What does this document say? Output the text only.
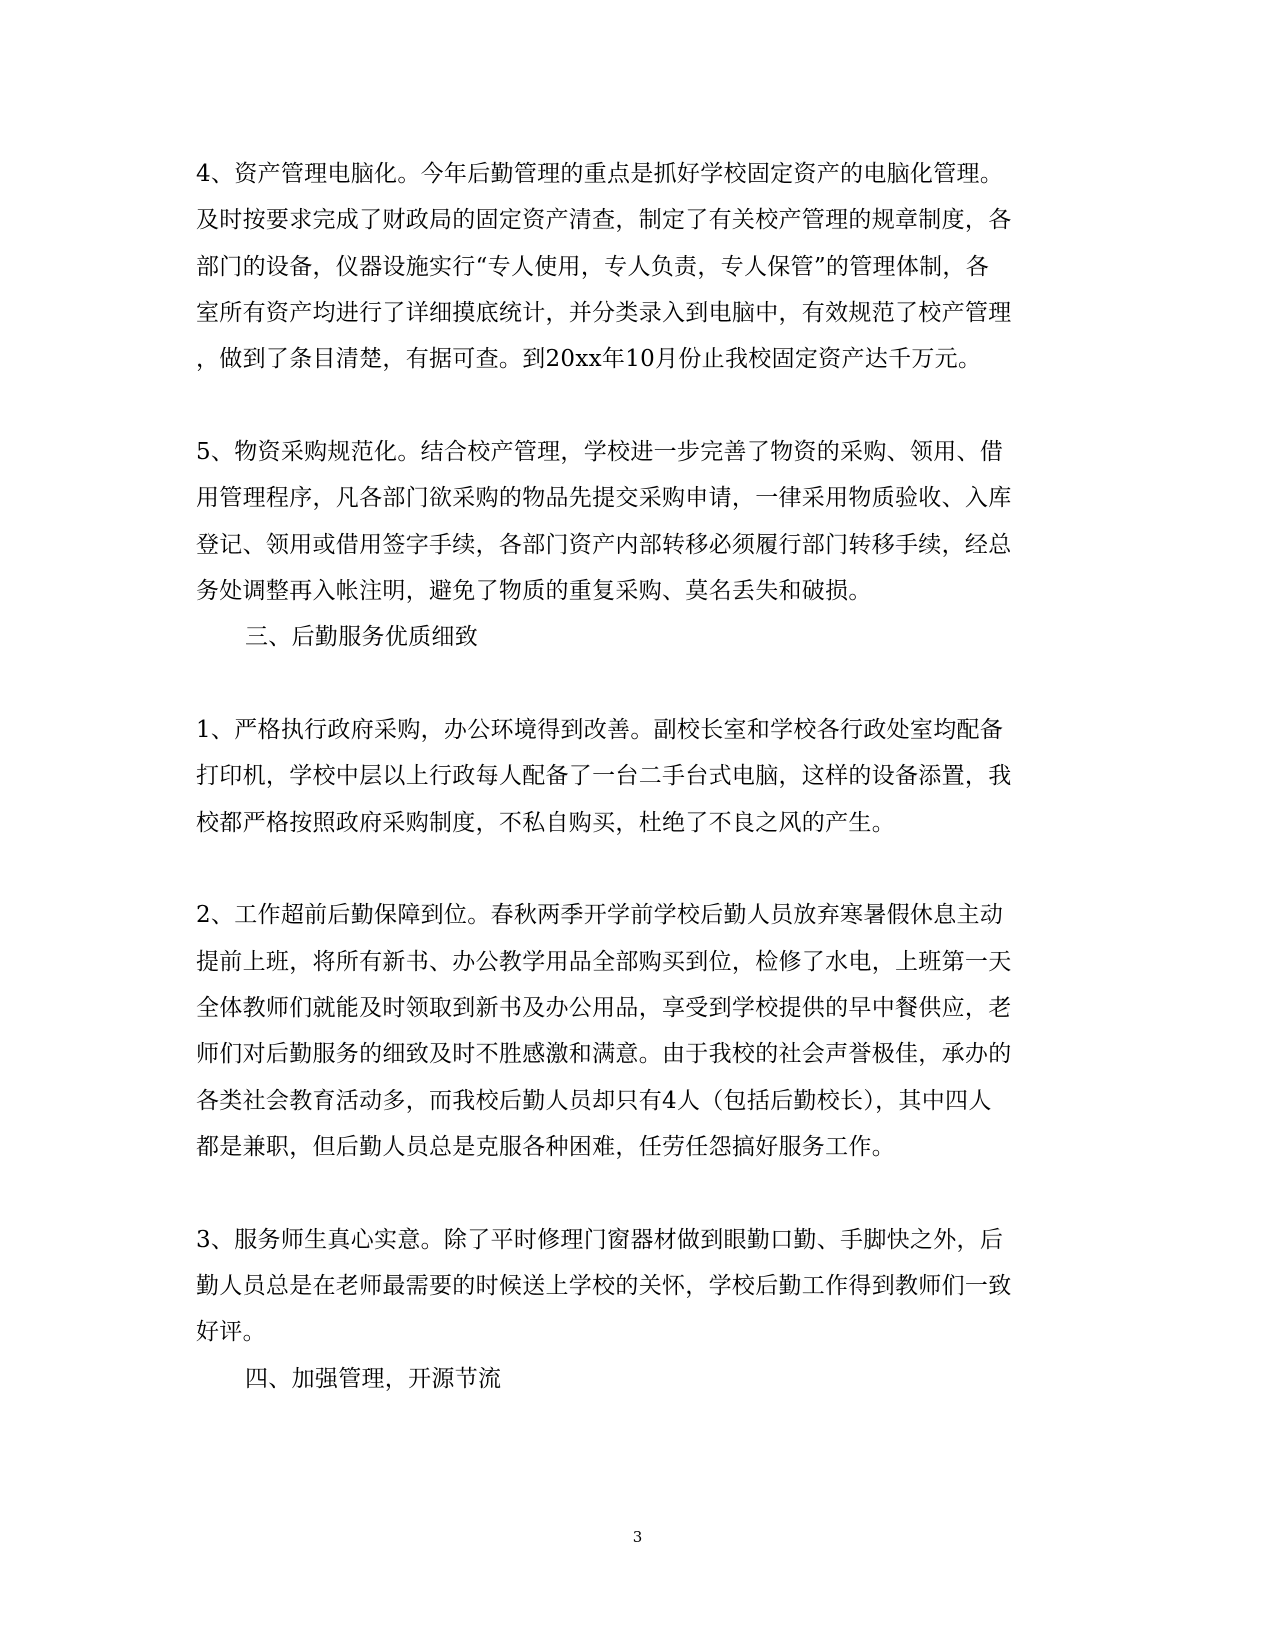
4、资产管理电脑化。今年后勤管理的重点是抓好学校固定资产的电脑化管理。
及时按要求完成了财政局的固定资产清查，制定了有关校产管理的规章制度，各
部门的设备，仪器设施实行“专人使用，专人负责，专人保管”的管理体制，各
室所有资产均进行了详细摸底统计，并分类录入到电脑中，有效规范了校产管理
，做到了条目清楚，有据可查。到20xx年10月份止我校固定资产达千万元。
5、物资采购规范化。结合校产管理，学校进一步完善了物资的采购、领用、借
用管理程序，凡各部门欲采购的物品先提交采购申请，一律采用物质验收、入库
登记、领用或借用签字手续，各部门资产内部转移必须履行部门转移手续，经总
务处调整再入帐注明，避免了物质的重复采购、莫名丢失和破损。
三、后勤服务优质细致
1、严格执行政府采购，办公环境得到改善。副校长室和学校各行政处室均配备
打印机，学校中层以上行政每人配备了一台二手台式电脑，这样的设备添置，我
校都严格按照政府采购制度，不私自购买，杜绝了不良之风的产生。
2、工作超前后勤保障到位。春秋两季开学前学校后勤人员放弃寒暑假休息主动
提前上班，将所有新书、办公教学用品全部购买到位，检修了水电，上班第一天
全体教师们就能及时领取到新书及办公用品，享受到学校提供的早中餐供应，老
师们对后勤服务的细致及时不胜感激和满意。由于我校的社会声誉极佳，承办的
各类社会教育活动多，而我校后勤人员却只有4人（包括后勤校长），其中四人
都是兼职，但后勤人员总是克服各种困难，任劳任怨搞好服务工作。
3、服务师生真心实意。除了平时修理门窗器材做到眼勤口勤、手脚快之外，后
勤人员总是在老师最需要的时候送上学校的关怀，学校后勤工作得到教师们一致
好评。
四、加强管理，开源节流
3
